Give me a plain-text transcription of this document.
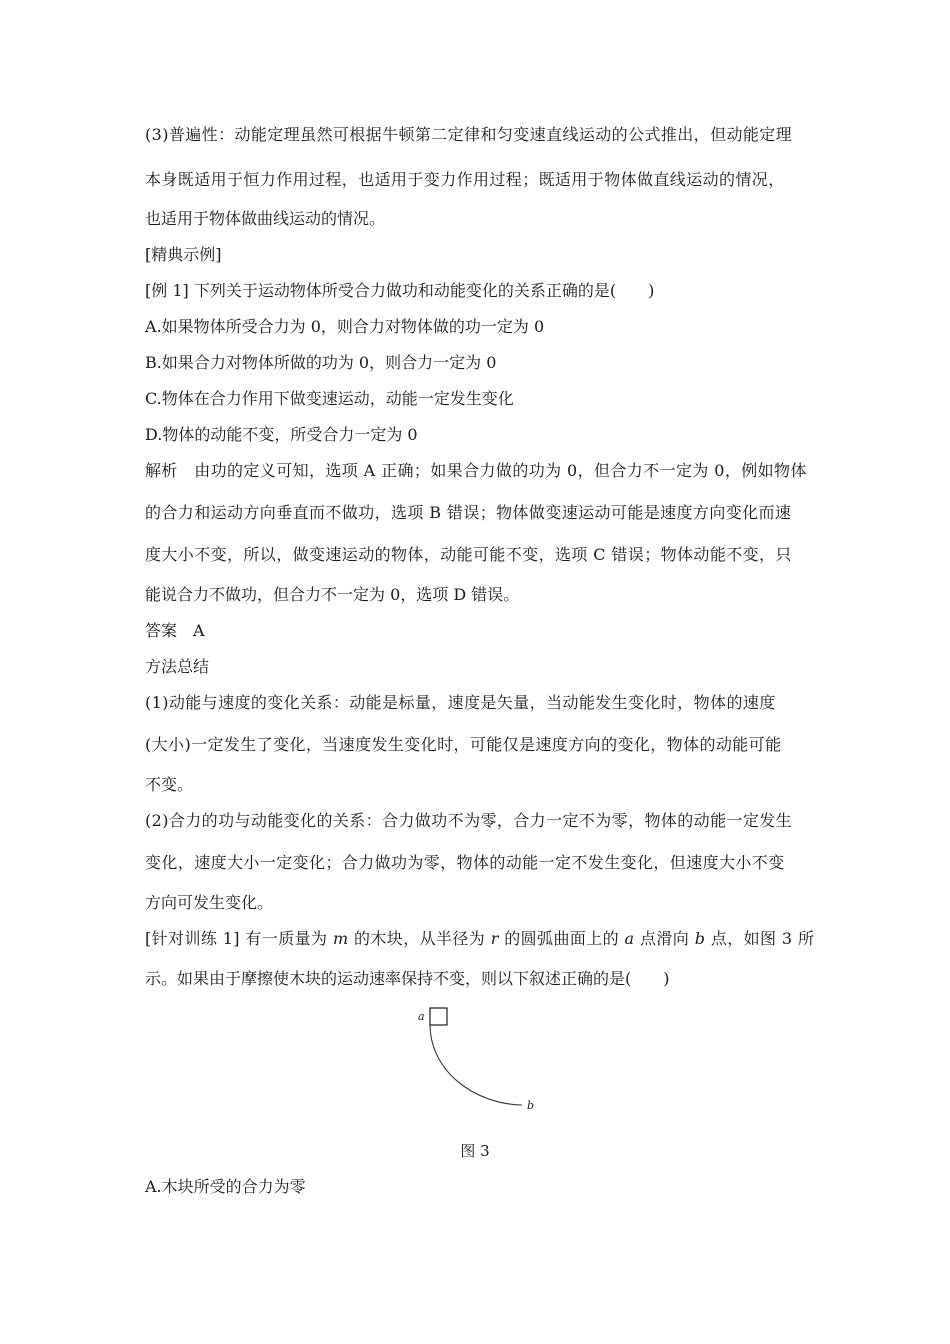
(3)普遍性：动能定理虽然可根据牛顿第二定律和匀变速直线运动的公式推出，但动能定理
本身既适用于恒力作用过程，也适用于变力作用过程；既适用于物体做直线运动的情况，
也适用于物体做曲线运动的情况。
[精典示例]
[例 1] 下列关于运动物体所受合力做功和动能变化的关系正确的是(　　)
A.如果物体所受合力为 0，则合力对物体做的功一定为 0
B.如果合力对物体所做的功为 0，则合力一定为 0
C.物体在合力作用下做变速运动，动能一定发生变化
D.物体的动能不变，所受合力一定为 0
解析　由功的定义可知，选项 A 正确；如果合力做的功为 0，但合力不一定为 0，例如物体
的合力和运动方向垂直而不做功，选项 B 错误；物体做变速运动可能是速度方向变化而速
度大小不变，所以，做变速运动的物体，动能可能不变，选项 C 错误；物体动能不变，只
能说合力不做功，但合力不一定为 0，选项 D 错误。
答案　A
方法总结
(1)动能与速度的变化关系：动能是标量，速度是矢量，当动能发生变化时，物体的速度
(大小)一定发生了变化，当速度发生变化时，可能仅是速度方向的变化，物体的动能可能
不变。
(2)合力的功与动能变化的关系：合力做功不为零，合力一定不为零，物体的动能一定发生
变化，速度大小一定变化；合力做功为零，物体的动能一定不发生变化，但速度大小不变
方向可发生变化。
[针对训练 1] 有一质量为 m 的木块，从半径为 r 的圆弧曲面上的 a 点滑向 b 点，如图 3 所
示。如果由于摩擦使木块的运动速率保持不变，则以下叙述正确的是(　　)
a
b
图 3
A.木块所受的合力为零
